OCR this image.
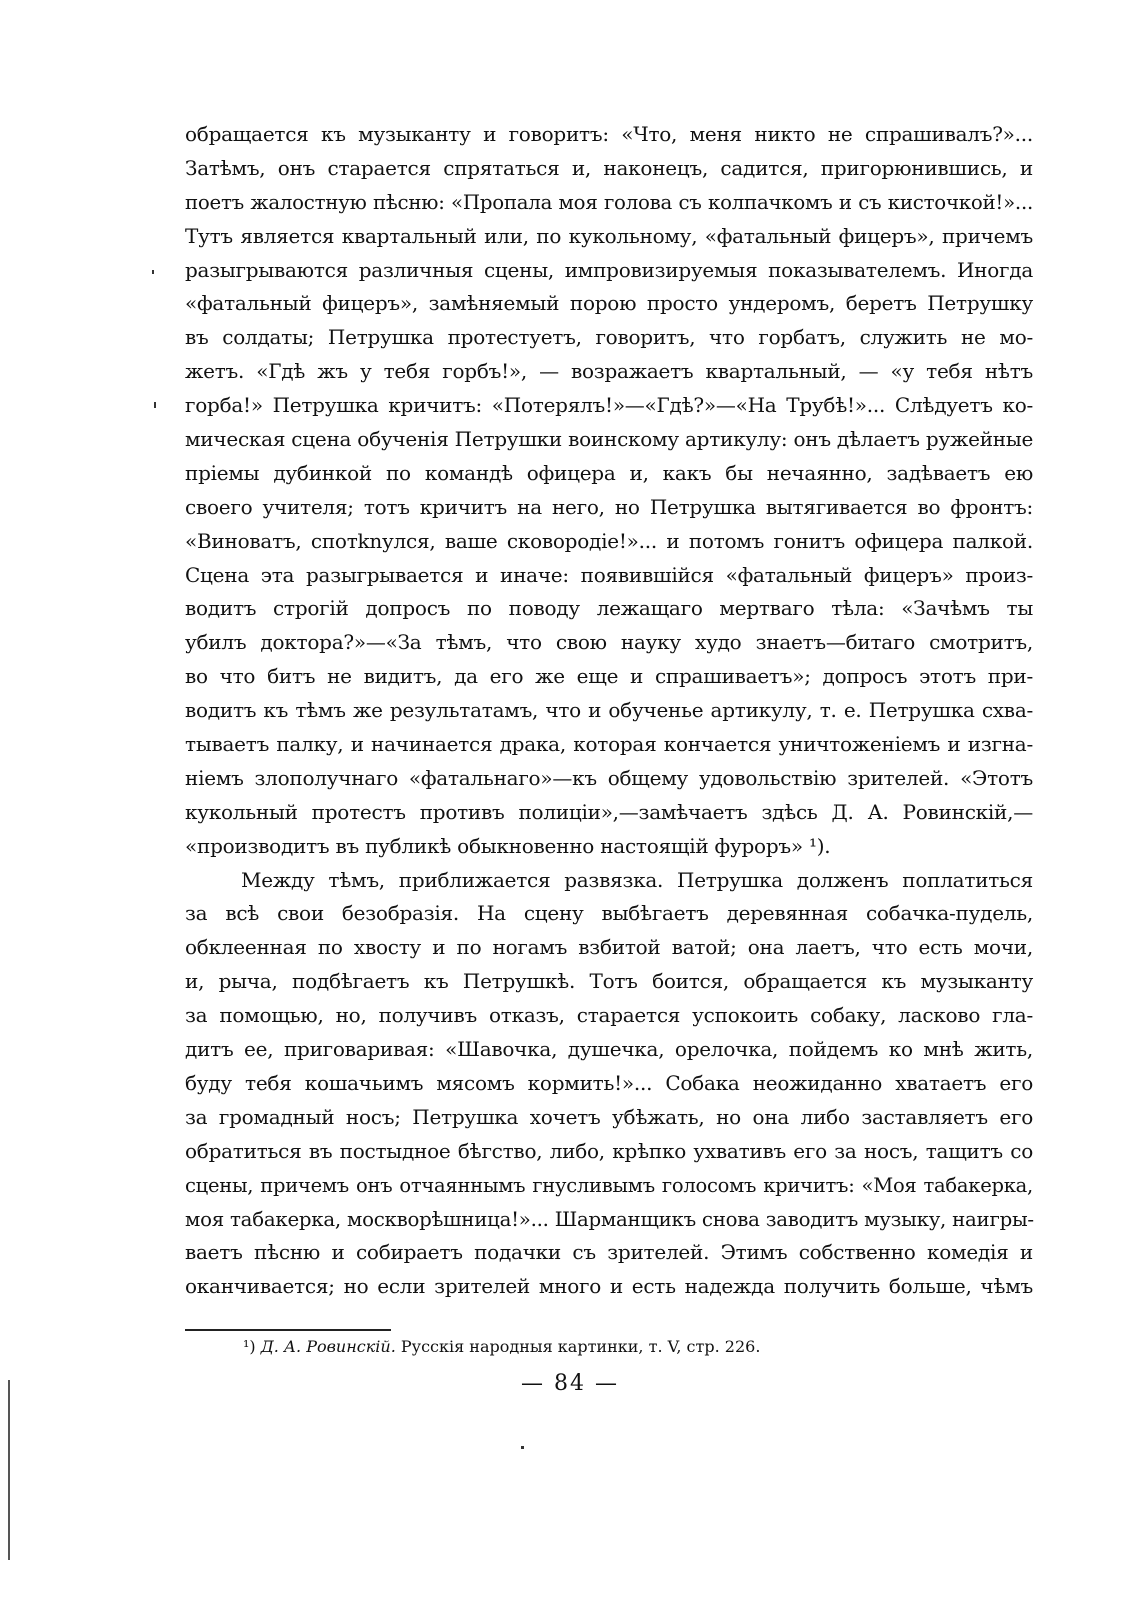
обращается къ музыканту и говоритъ: «Что, меня никто не спрашивалъ?»...
Затѣмъ, онъ старается спрятаться и, наконецъ, садится, пригорюнившись, и
поетъ жалостную пѣсню: «Пропала моя голова съ колпачкомъ и съ кисточкой!»...
Тутъ является квартальный или, по кукольному, «фатальный фицеръ», причемъ
разыгрываются различныя сцены, импровизируемыя показывателемъ. Иногда
«фатальный фицеръ», замѣняемый порою просто ундеромъ, беретъ Петрушку
въ солдаты; Петрушка протестуетъ, говоритъ, что горбатъ, служить не мо-
жетъ. «Гдѣ жъ у тебя горбъ!», — возражаетъ квартальный, — «у тебя нѣтъ
горба!» Петрушка кричитъ: «Потерялъ!»—«Гдѣ?»—«На Трубѣ!»... Слѣдуетъ ко-
мическая сцена обученія Петрушки воинскому артикулу: онъ дѣлаетъ ружейные
пріемы дубинкой по командѣ офицера и, какъ бы нечаянно, задѣваетъ ею
своего учителя; тотъ кричитъ на него, но Петрушка вытягивается во фронтъ:
«Виноватъ, спотknулся, ваше сковородіе!»... и потомъ гонитъ офицера палкой.
Сцена эта разыгрывается и иначе: появившійся «фатальный фицеръ» произ-
водитъ строгій допросъ по поводу лежащаго мертваго тѣла: «Зачѣмъ ты
убилъ доктора?»—«За тѣмъ, что свою науку худо знаетъ—битаго смотритъ,
во что битъ не видитъ, да его же еще и спрашиваетъ»; допросъ этотъ при-
водитъ къ тѣмъ же результатамъ, что и обученье артикулу, т. е. Петрушка схва-
тываетъ палку, и начинается драка, которая кончается уничтоженіемъ и изгна-
ніемъ злополучнаго «фатальнаго»—къ общему удовольствію зрителей. «Этотъ
кукольный протестъ противъ полиціи»,—замѣчаетъ здѣсь Д. А. Ровинскій,—
«производитъ въ публикѣ обыкновенно настоящій фуроръ» ¹).
Между тѣмъ, приближается развязка. Петрушка долженъ поплатиться
за всѣ свои безобразія. На сцену выбѣгаетъ деревянная собачка-пудель,
обклеенная по хвосту и по ногамъ взбитой ватой; она лаетъ, что есть мочи,
и, рыча, подбѣгаетъ къ Петрушкѣ. Тотъ боится, обращается къ музыканту
за помощью, но, получивъ отказъ, старается успокоить собаку, ласково гла-
дитъ ее, приговаривая: «Шавочка, душечка, орелочка, пойдемъ ко мнѣ жить,
буду тебя кошачьимъ мясомъ кормить!»... Собака неожиданно хватаетъ его
за громадный носъ; Петрушка хочетъ убѣжать, но она либо заставляетъ его
обратиться въ постыдное бѣгство, либо, крѣпко ухвативъ его за носъ, тащитъ со
сцены, причемъ онъ отчаяннымъ гнусливымъ голосомъ кричитъ: «Моя табакерка,
моя табакерка, москворѣшница!»... Шарманщикъ снова заводитъ музыку, наигры-
ваетъ пѣсню и собираетъ подачки съ зрителей. Этимъ собственно комедія и
оканчивается; но если зрителей много и есть надежда получить больше, чѣмъ
¹) Д. А. Ровинскій. Русскія народныя картинки, т. V, стр. 226.
— 84 —
